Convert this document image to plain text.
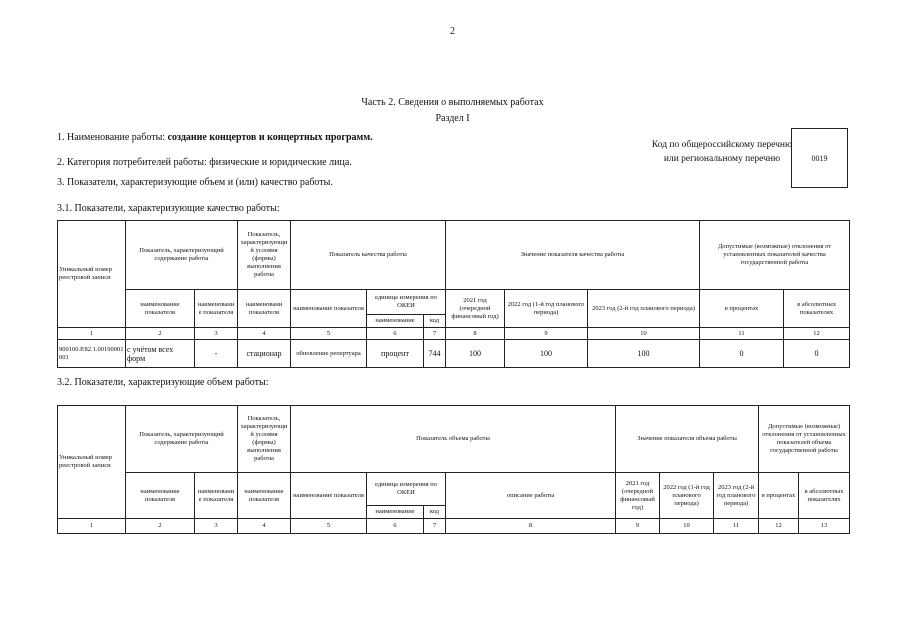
2
Часть 2. Сведения о выполняемых работах
Раздел I
1. Наименование работы: создание концертов и концертных программ.
2. Категория потребителей работы: физические и юридические лица.
3. Показатели, характеризующие объем и (или) качество работы.
Код по общероссийскому перечню или региональному перечню	0019
3.1. Показатели, характеризующие качество работы:
Уникальный номер реестровой записи	Показатель, характеризующий содержание работы		Показатель, характеризующий условия (формы) выполнения работы	Показатель качества работы			Значение показателя качества работы			Допустимые (возможные) отклонения от установленных показателей качества государственной работы	
	наименование показателя	наименовани е показателя	наименовани показателя	наименование показателя	единица измерения по ОКЕИ		2021 год (очередной финансовый год)	2022 год (1-й год планового периода)	2023 год (2-й год планового периода)	в процентах	в абсолютных показателях
					наименование	код					
1	2	3	4	5	6	7	8	9	10	11	12
900100.Р.82.1.00190001001	с учётом всех форм	-	стационар	обновление репертуара	процент	744	100	100	100	0	0
3.2. Показатели, характеризующие объем работы:
Уникальный номер реестровой записи	Показатель, характеризующий содержание работы		Показатель, характеризующий условия (формы) выполнения работы	Показатель объема работы				Значение показателя объема работы			Допустимые (возможные) отклонения от установленных показателей объема государственной работы	
	наименование показателя	наименовани е показателя	наименование показателя	наименование показателя	единица измерения по ОКЕИ		описание работы	2021 год (очередной финансовый год)	2022 год (1-й год планового периода)	2023 год (2-й год планового периода)	в процентах	в абсолютных показателях
					наименование	код						
1	2	3	4	5	6	7	8	9	10	11	12	13
